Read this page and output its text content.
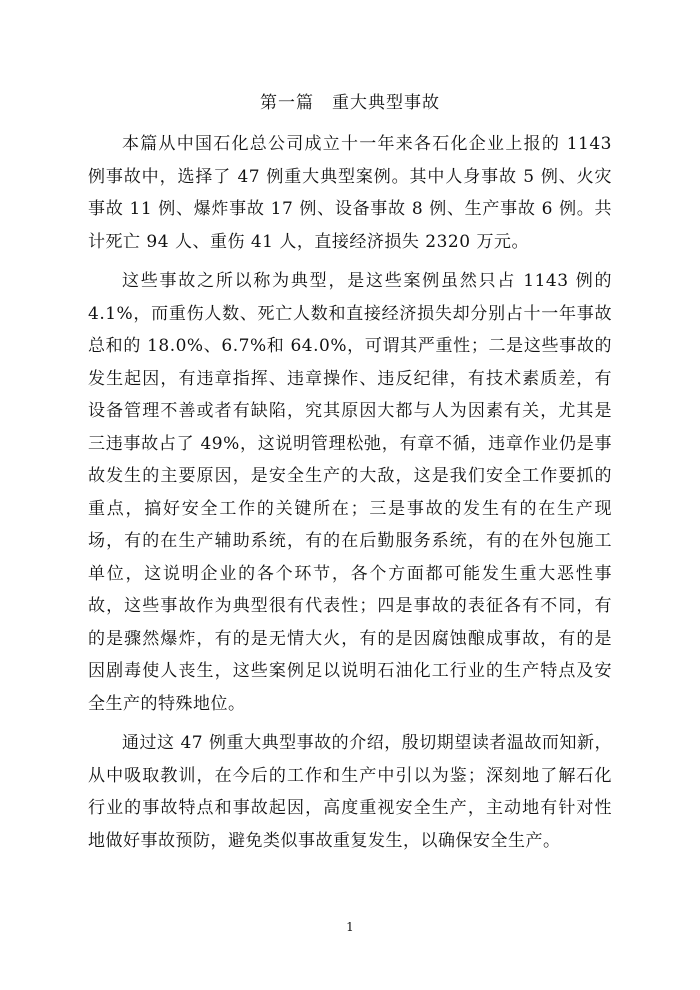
第一篇　重大典型事故

本篇从中国石化总公司成立十一年来各石化企业上报的 1143 例事故中，选择了 47 例重大典型案例。其中人身事故 5 例、火灾事故 11 例、爆炸事故 17 例、设备事故 8 例、生产事故 6 例。共计死亡 94 人、重伤 41 人，直接经济损失 2320 万元。

这些事故之所以称为典型，是这些案例虽然只占 1143 例的 4.1%，而重伤人数、死亡人数和直接经济损失却分别占十一年事故总和的 18.0%、6.7%和 64.0%，可谓其严重性；二是这些事故的发生起因，有违章指挥、违章操作、违反纪律，有技术素质差，有设备管理不善或者有缺陷，究其原因大都与人为因素有关，尤其是三违事故占了 49%，这说明管理松弛，有章不循，违章作业仍是事故发生的主要原因，是安全生产的大敌，这是我们安全工作要抓的重点，搞好安全工作的关键所在；三是事故的发生有的在生产现场，有的在生产辅助系统，有的在后勤服务系统，有的在外包施工单位，这说明企业的各个环节，各个方面都可能发生重大恶性事故，这些事故作为典型很有代表性；四是事故的表征各有不同，有的是骤然爆炸，有的是无情大火，有的是因腐蚀酿成事故，有的是因剧毒使人丧生，这些案例足以说明石油化工行业的生产特点及安全生产的特殊地位。

通过这 47 例重大典型事故的介绍，殷切期望读者温故而知新，从中吸取教训，在今后的工作和生产中引以为鉴；深刻地了解石化行业的事故特点和事故起因，高度重视安全生产，主动地有针对性地做好事故预防，避免类似事故重复发生，以确保安全生产。

1
